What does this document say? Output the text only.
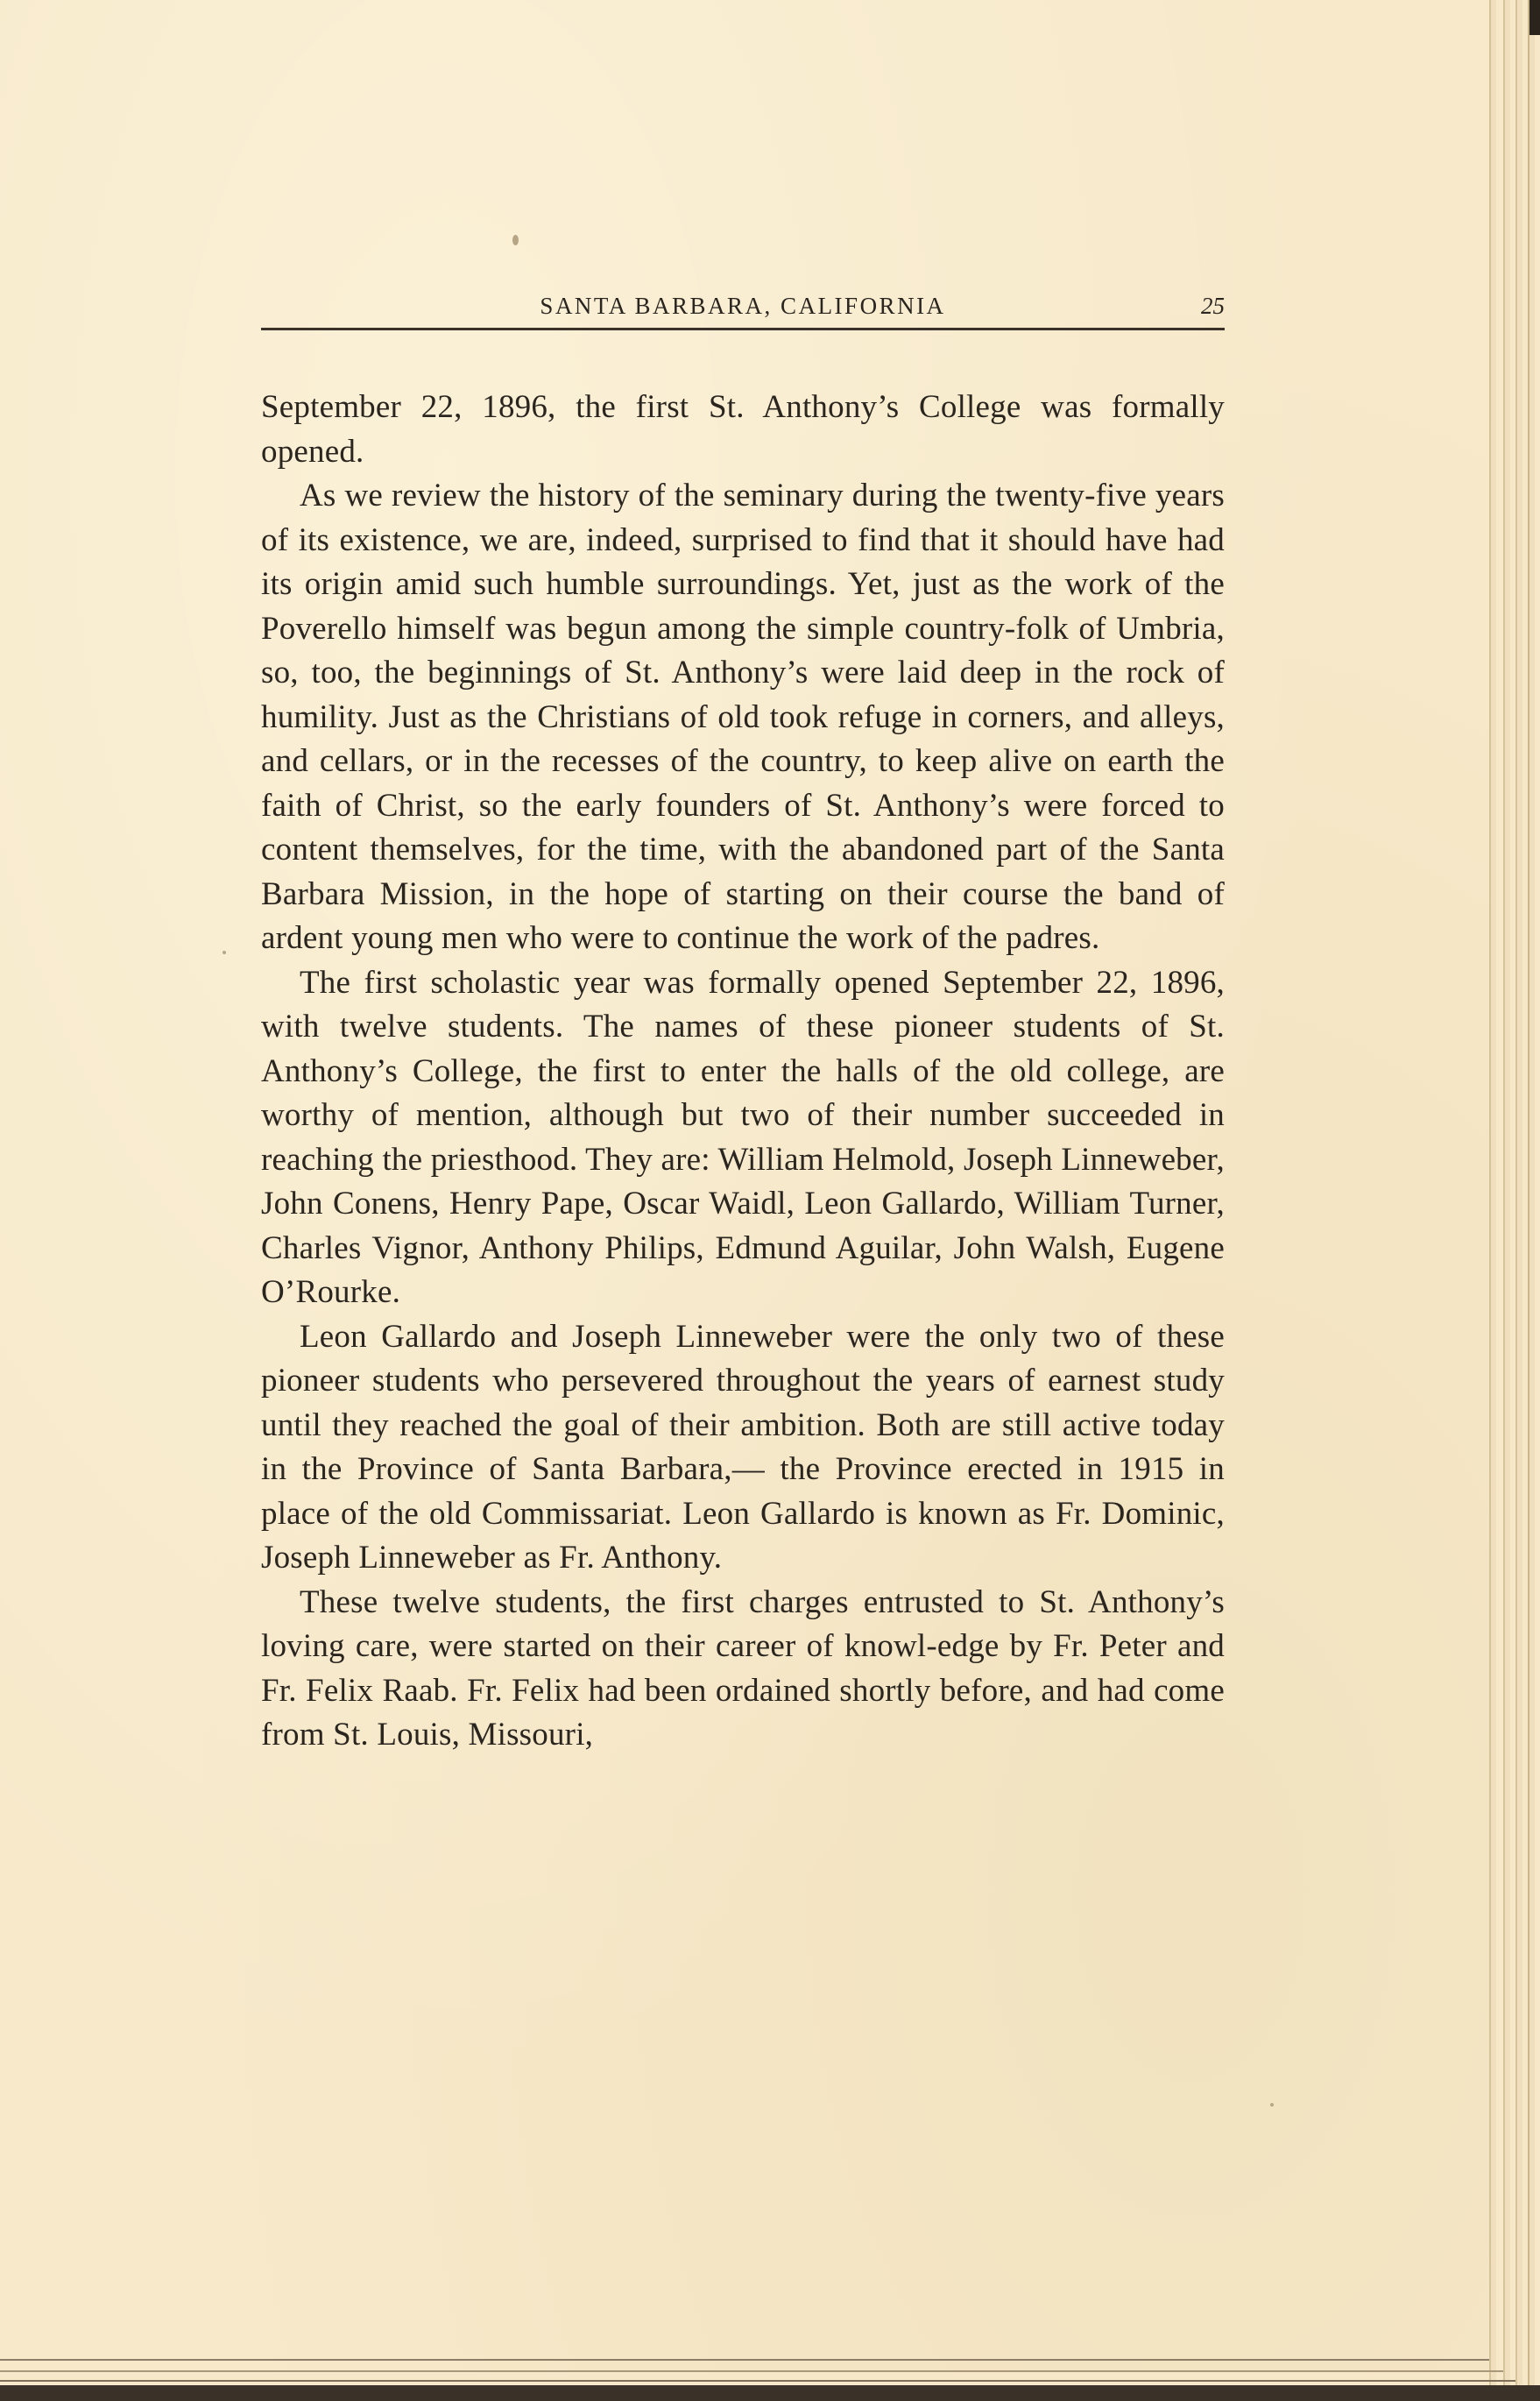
SANTA BARBARA, CALIFORNIA	25

September 22, 1896, the first St. Anthony’s College was formally opened.

As we review the history of the seminary during the twenty-five years of its existence, we are, indeed, surprised to find that it should have had its origin amid such humble surroundings. Yet, just as the work of the Poverello himself was begun among the simple country-folk of Umbria, so, too, the beginnings of St. Anthony’s were laid deep in the rock of humility. Just as the Christians of old took refuge in corners, and alleys, and cellars, or in the recesses of the country, to keep alive on earth the faith of Christ, so the early founders of St. Anthony’s were forced to content themselves, for the time, with the abandoned part of the Santa Barbara Mission, in the hope of starting on their course the band of ardent young men who were to continue the work of the padres.

The first scholastic year was formally opened September 22, 1896, with twelve students. The names of these pioneer students of St. Anthony’s College, the first to enter the halls of the old college, are worthy of mention, although but two of their number succeeded in reaching the priesthood. They are: William Helmold, Joseph Linneweber, John Conens, Henry Pape, Oscar Waidl, Leon Gallardo, William Turner, Charles Vignor, Anthony Philips, Edmund Aguilar, John Walsh, Eugene O’Rourke.

Leon Gallardo and Joseph Linneweber were the only two of these pioneer students who persevered throughout the years of earnest study until they reached the goal of their ambition. Both are still active today in the Province of Santa Barbara,— the Province erected in 1915 in place of the old Commissariat. Leon Gallardo is known as Fr. Dominic, Joseph Linneweber as Fr. Anthony.

These twelve students, the first charges entrusted to St. Anthony’s loving care, were started on their career of knowl-edge by Fr. Peter and Fr. Felix Raab. Fr. Felix had been ordained shortly before, and had come from St. Louis, Missouri,
